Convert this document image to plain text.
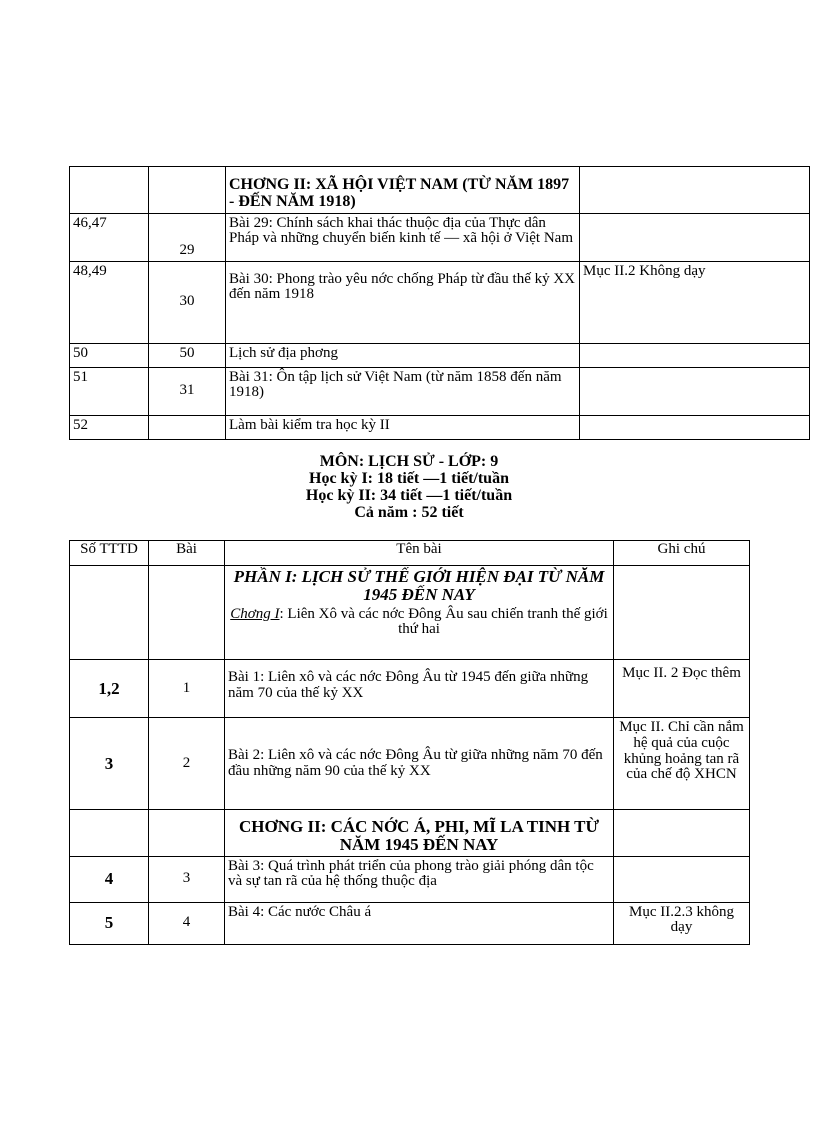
		CHƠNG II: XÃ HỘI VIỆT NAM (TỪ NĂM 1897 - ĐẾN NĂM 1918)	
46,47	29	Bài 29: Chính sách khai thác thuộc địa của Thực dân Pháp và những chuyển biến kinh tế — xã hội ở Việt Nam	
48,49	30	Bài 30: Phong trào yêu nớc chống Pháp từ đầu thế kỷ XX đến năm 1918	Mục II.2 Không dạy
50	50	Lịch sử địa phơng	
51	31	Bài 31: Ôn tập lịch sử Việt Nam (từ năm 1858 đến năm 1918)	
52		Làm bài kiểm tra học kỳ II	
MÔN: LỊCH SỬ - LỚP: 9
Học kỳ I: 18 tiết —1 tiết/tuần
Học kỳ II: 34 tiết —1 tiết/tuần
Cả năm : 52 tiết
Số TTTD	Bài	Tên bài	Ghi chú

		PHẦN I: LỊCH SỬ THẾ GIỚI HIỆN ĐẠI TỪ NĂM 1945 ĐẾN NAY
Chơng I: Liên Xô và các nớc Đông Âu sau chiến tranh thế giới thứ hai	

1,2	1	Bài 1: Liên xô và các nớc Đông Âu từ 1945 đến giữa những năm 70 của thế kỷ XX	Mục II. 2 Đọc thêm
3	2	Bài 2: Liên xô và các nớc Đông Âu từ giữa những năm 70 đến đầu những năm 90 của thế kỷ XX	Mục II. Chỉ cần nắm hệ quả của cuộc khủng hoảng tan rã của chế độ XHCN
		CHƠNG II: CÁC NỚC Á, PHI, MĨ LA TINH TỪ NĂM 1945 ĐẾN NAY	
4	3	Bài 3: Quá trình phát triển của phong trào giải phóng dân tộc và sự tan rã của hệ thống thuộc địa	
5	4	Bài 4: Các nước Châu á	Mục II.2.3 không dạy
